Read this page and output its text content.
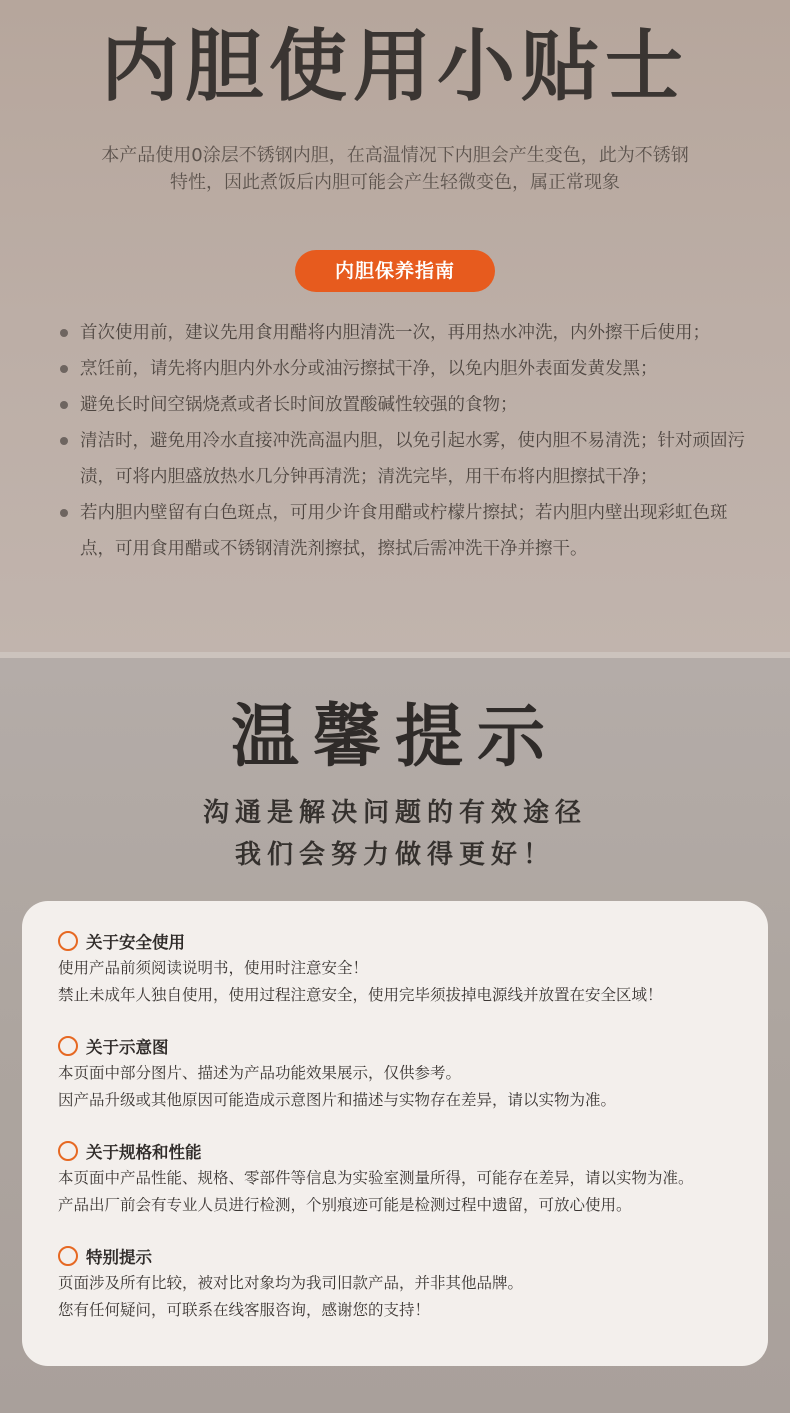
内胆使用小贴士
本产品使用0涂层不锈钢内胆，在高温情况下内胆会产生变色，此为不锈钢
特性，因此煮饭后内胆可能会产生轻微变色，属正常现象
内胆保养指南
首次使用前，建议先用食用醋将内胆清洗一次，再用热水冲洗，内外擦干后使用；
烹饪前，请先将内胆内外水分或油污擦拭干净，以免内胆外表面发黄发黑；
避免长时间空锅烧煮或者长时间放置酸碱性较强的食物；
清洁时，避免用冷水直接冲洗高温内胆，以免引起水雾，使内胆不易清洗；针对顽固污渍，可将内胆盛放热水几分钟再清洗；清洗完毕，用干布将内胆擦拭干净；
若内胆内壁留有白色斑点，可用少许食用醋或柠檬片擦拭；若内胆内壁出现彩虹色斑点，可用食用醋或不锈钢清洗剂擦拭，擦拭后需冲洗干净并擦干。
温馨提示
沟通是解决问题的有效途径
我们会努力做得更好！
关于安全使用
使用产品前须阅读说明书，使用时注意安全！
禁止未成年人独自使用，使用过程注意安全，使用完毕须拔掉电源线并放置在安全区域！
关于示意图
本页面中部分图片、描述为产品功能效果展示，仅供参考。
因产品升级或其他原因可能造成示意图片和描述与实物存在差异，请以实物为准。
关于规格和性能
本页面中产品性能、规格、零部件等信息为实验室测量所得，可能存在差异，请以实物为准。
产品出厂前会有专业人员进行检测，个别痕迹可能是检测过程中遗留，可放心使用。
特别提示
页面涉及所有比较，被对比对象均为我司旧款产品，并非其他品牌。
您有任何疑问，可联系在线客服咨询，感谢您的支持！
